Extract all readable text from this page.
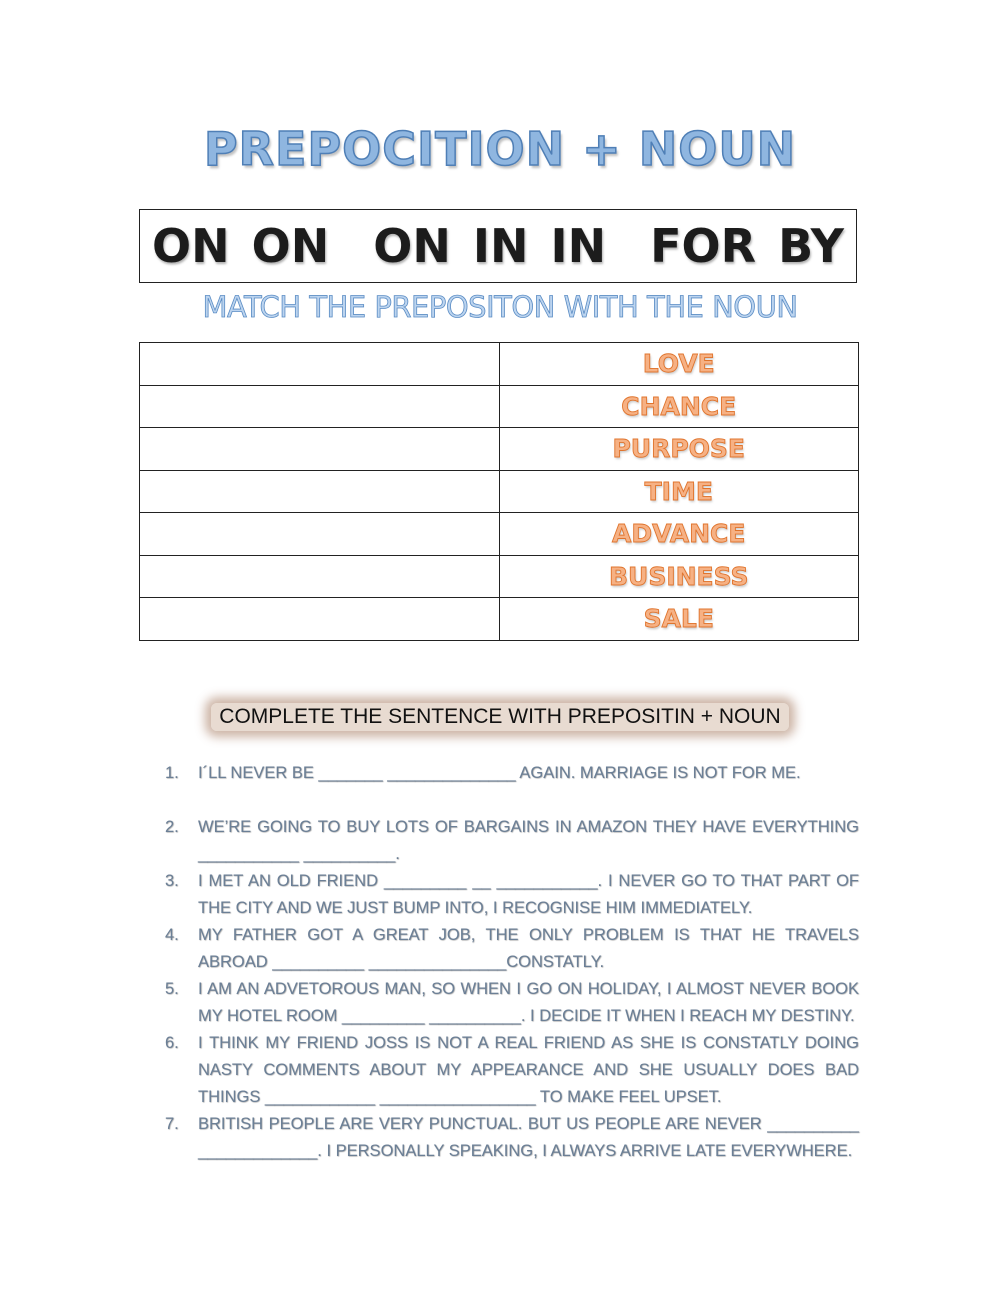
PREPOCITION + NOUN
ON ON ON IN IN FOR BY
MATCH THE PREPOSITON WITH THE NOUN
	LOVE
	CHANCE
	PURPOSE
	TIME
	ADVANCE
	BUSINESS
	SALE
COMPLETE THE SENTENCE WITH PREPOSITIN + NOUN
1. I´LL NEVER BE _______ ______________ AGAIN. MARRIAGE IS NOT FOR ME.
2. WE’RE GOING TO BUY LOTS OF BARGAINS IN AMAZON THEY HAVE EVERYTHING ___________ __________.
3. I MET AN OLD FRIEND _________ __ ___________. I NEVER GO TO THAT PART OF THE CITY AND WE JUST BUMP INTO, I RECOGNISE HIM IMMEDIATELY.
4. MY FATHER GOT A GREAT JOB, THE ONLY PROBLEM IS THAT HE TRAVELS ABROAD __________ _______________CONSTATLY.
5. I AM AN ADVETOROUS MAN, SO WHEN I GO ON HOLIDAY, I ALMOST NEVER BOOK MY HOTEL ROOM _________ __________. I DECIDE IT WHEN I REACH MY DESTINY.
6. I THINK MY FRIEND JOSS IS NOT A REAL FRIEND AS SHE IS CONSTATLY DOING NASTY COMMENTS ABOUT MY APPEARANCE AND SHE USUALLY DOES BAD THINGS ____________ _________________ TO MAKE FEEL UPSET.
7. BRITISH PEOPLE ARE VERY PUNCTUAL. BUT US PEOPLE ARE NEVER __________ _____________. I PERSONALLY SPEAKING, I ALWAYS ARRIVE LATE EVERYWHERE.
